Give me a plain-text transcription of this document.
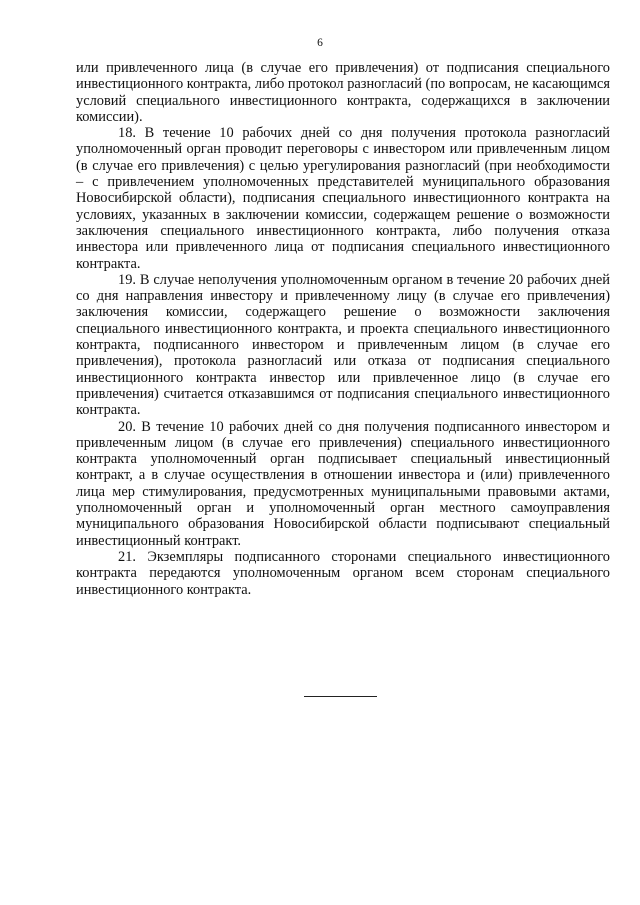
6

или привлеченного лица (в случае его привлечения) от подписания специального инвестиционного контракта, либо протокол разногласий (по вопросам, не касающимся условий специального инвестиционного контракта, содержащихся в заключении комиссии).

18. В течение 10 рабочих дней со дня получения протокола разногласий уполномоченный орган проводит переговоры с инвестором или привлеченным лицом (в случае его привлечения) с целью урегулирования разногласий (при необходимости – с привлечением уполномоченных представителей муниципального образования Новосибирской области), подписания специального инвестиционного контракта на условиях, указанных в заключении комиссии, содержащем решение о возможности заключения специального инвестиционного контракта, либо получения отказа инвестора или привлеченного лица от подписания специального инвестиционного контракта.

19. В случае неполучения уполномоченным органом в течение 20 рабочих дней со дня направления инвестору и привлеченному лицу (в случае его привлечения) заключения комиссии, содержащего решение о возможности заключения специального инвестиционного контракта, и проекта специального инвестиционного контракта, подписанного инвестором и привлеченным лицом (в случае его привлечения), протокола разногласий или отказа от подписания специального инвестиционного контракта инвестор или привлеченное лицо (в случае его привлечения) считается отказавшимся от подписания специального инвестиционного контракта.

20. В течение 10 рабочих дней со дня получения подписанного инвестором и привлеченным лицом (в случае его привлечения) специального инвестиционного контракта уполномоченный орган подписывает специальный инвестиционный контракт, а в случае осуществления в отношении инвестора и (или) привлеченного лица мер стимулирования, предусмотренных муниципальными правовыми актами, уполномоченный орган и уполномоченный орган местного самоуправления муниципального образования Новосибирской области подписывают специальный инвестиционный контракт.

21. Экземпляры подписанного сторонами специального инвестиционного контракта передаются уполномоченным органом всем сторонам специального инвестиционного контракта.
